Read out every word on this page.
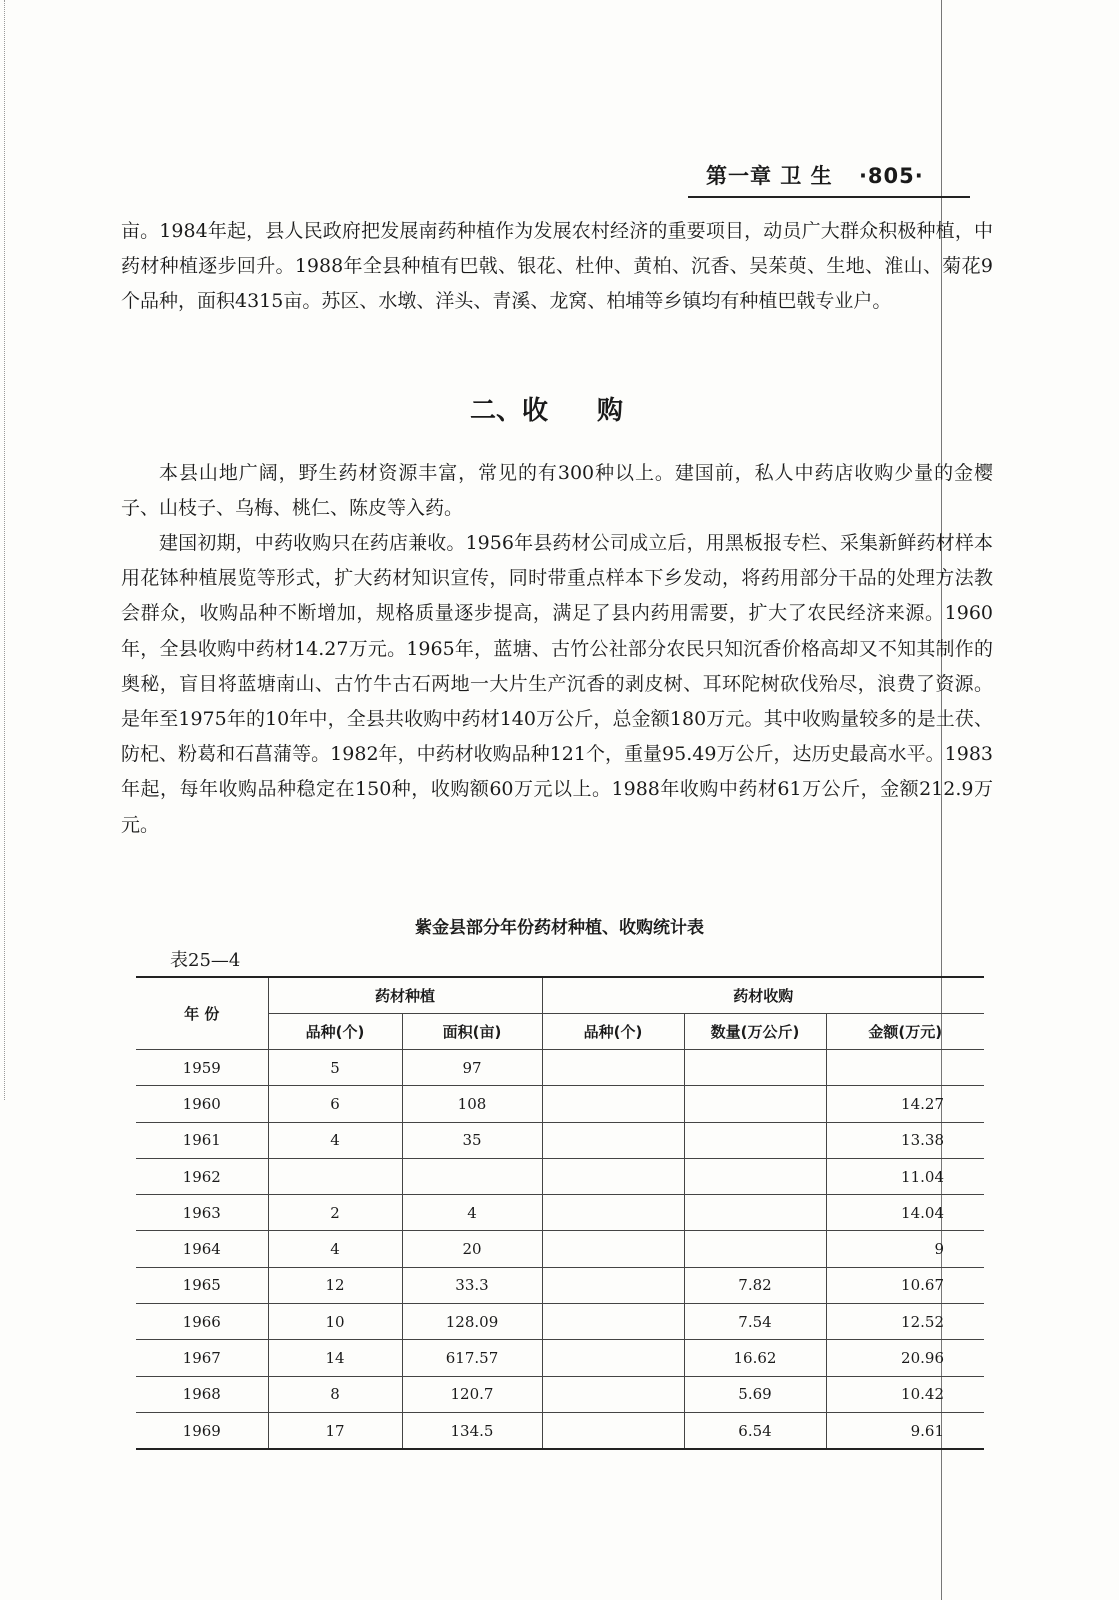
第一章 卫 生 ·805·

亩。1984年起，县人民政府把发展南药种植作为发展农村经济的重要项目，动员广大群众积极种植，中药材种植逐步回升。1988年全县种植有巴戟、银花、杜仲、黄柏、沉香、吴茱萸、生地、淮山、菊花9个品种，面积4315亩。苏区、水墩、洋头、青溪、龙窝、柏埔等乡镇均有种植巴戟专业户。

二、收 购

本县山地广阔，野生药材资源丰富，常见的有300种以上。建国前，私人中药店收购少量的金樱子、山枝子、乌梅、桃仁、陈皮等入药。

建国初期，中药收购只在药店兼收。1956年县药材公司成立后，用黑板报专栏、采集新鲜药材样本用花钵种植展览等形式，扩大药材知识宣传，同时带重点样本下乡发动，将药用部分干品的处理方法教会群众，收购品种不断增加，规格质量逐步提高，满足了县内药用需要，扩大了农民经济来源。1960年，全县收购中药材14.27万元。1965年，蓝塘、古竹公社部分农民只知沉香价格高却又不知其制作的奥秘，盲目将蓝塘南山、古竹牛古石两地一大片生产沉香的剥皮树、耳环陀树砍伐殆尽，浪费了资源。是年至1975年的10年中，全县共收购中药材140万公斤，总金额180万元。其中收购量较多的是土茯、防杞、粉葛和石菖蒲等。1982年，中药材收购品种121个，重量95.49万公斤，达历史最高水平。1983年起，每年收购品种稳定在150种，收购额60万元以上。1988年收购中药材61万公斤，金额212.9万元。

紫金县部分年份药材种植、收购统计表
表25—4
年 份	药材种植		药材收购		
	品种(个)	面积(亩)	品种(个)	数量(万公斤)	金额(万元)
1959	5	97			
1960	6	108			14.27
1961	4	35			13.38
1962					11.04
1963	2	4			14.04
1964	4	20			9
1965	12	33.3		7.82	10.67
1966	10	128.09		7.54	12.52
1967	14	617.57		16.62	20.96
1968	8	120.7		5.69	10.42
1969	17	134.5		6.54	9.61
